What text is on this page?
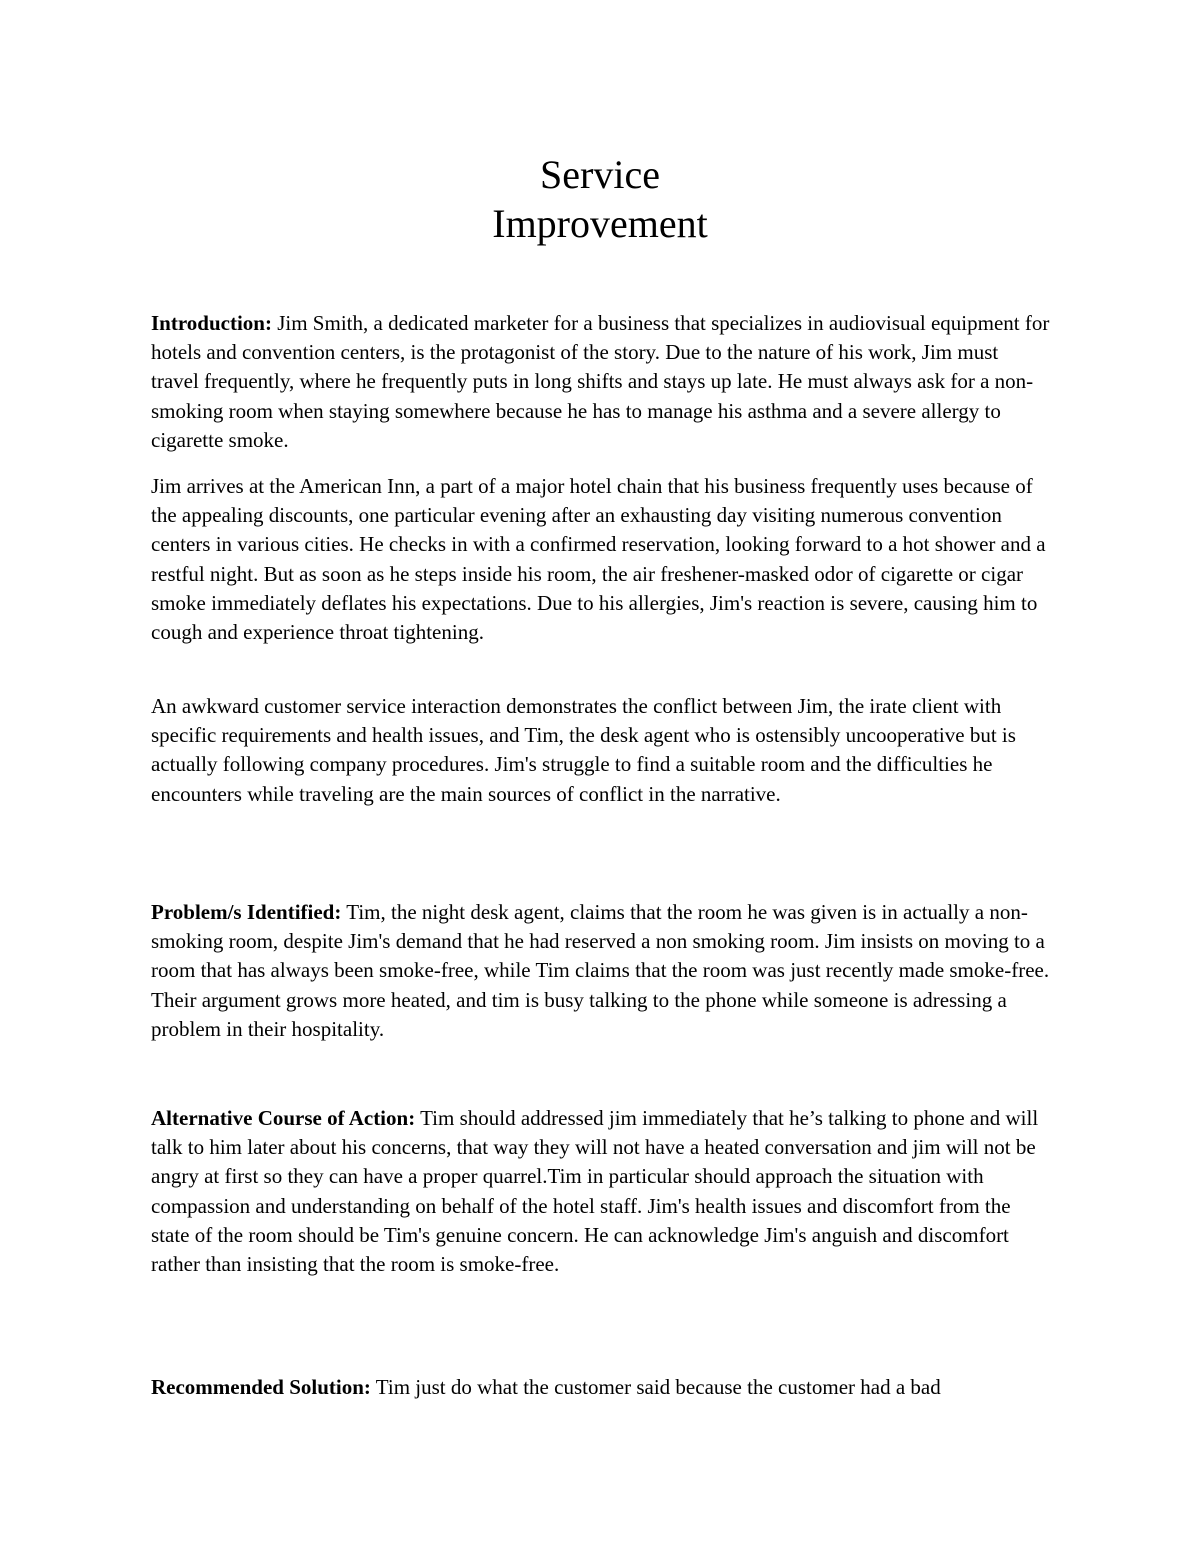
Service
Improvement

Introduction: Jim Smith, a dedicated marketer for a business that specializes in audiovisual equipment for hotels and convention centers, is the protagonist of the story. Due to the nature of his work, Jim must travel frequently, where he frequently puts in long shifts and stays up late. He must always ask for a non-smoking room when staying somewhere because he has to manage his asthma and a severe allergy to cigarette smoke.

Jim arrives at the American Inn, a part of a major hotel chain that his business frequently uses because of the appealing discounts, one particular evening after an exhausting day visiting numerous convention centers in various cities. He checks in with a confirmed reservation, looking forward to a hot shower and a restful night. But as soon as he steps inside his room, the air freshener-masked odor of cigarette or cigar smoke immediately deflates his expectations. Due to his allergies, Jim's reaction is severe, causing him to cough and experience throat tightening.

An awkward customer service interaction demonstrates the conflict between Jim, the irate client with specific requirements and health issues, and Tim, the desk agent who is ostensibly uncooperative but is actually following company procedures. Jim's struggle to find a suitable room and the difficulties he encounters while traveling are the main sources of conflict in the narrative.

Problem/s Identified: Tim, the night desk agent, claims that the room he was given is in actually a non-smoking room, despite Jim's demand that he had reserved a non smoking room. Jim insists on moving to a room that has always been smoke-free, while Tim claims that the room was just recently made smoke-free. Their argument grows more heated, and tim is busy talking to the phone while someone is adressing a problem in their hospitality.

Alternative Course of Action: Tim should addressed jim immediately that he’s talking to phone and will talk to him later about his concerns, that way they will not have a heated conversation and jim will not be angry at first so they can have a proper quarrel.Tim in particular should approach the situation with compassion and understanding on behalf of the hotel staff. Jim's health issues and discomfort from the state of the room should be Tim's genuine concern. He can acknowledge Jim's anguish and discomfort rather than insisting that the room is smoke-free.

Recommended Solution: Tim just do what the customer said because the customer had a bad
